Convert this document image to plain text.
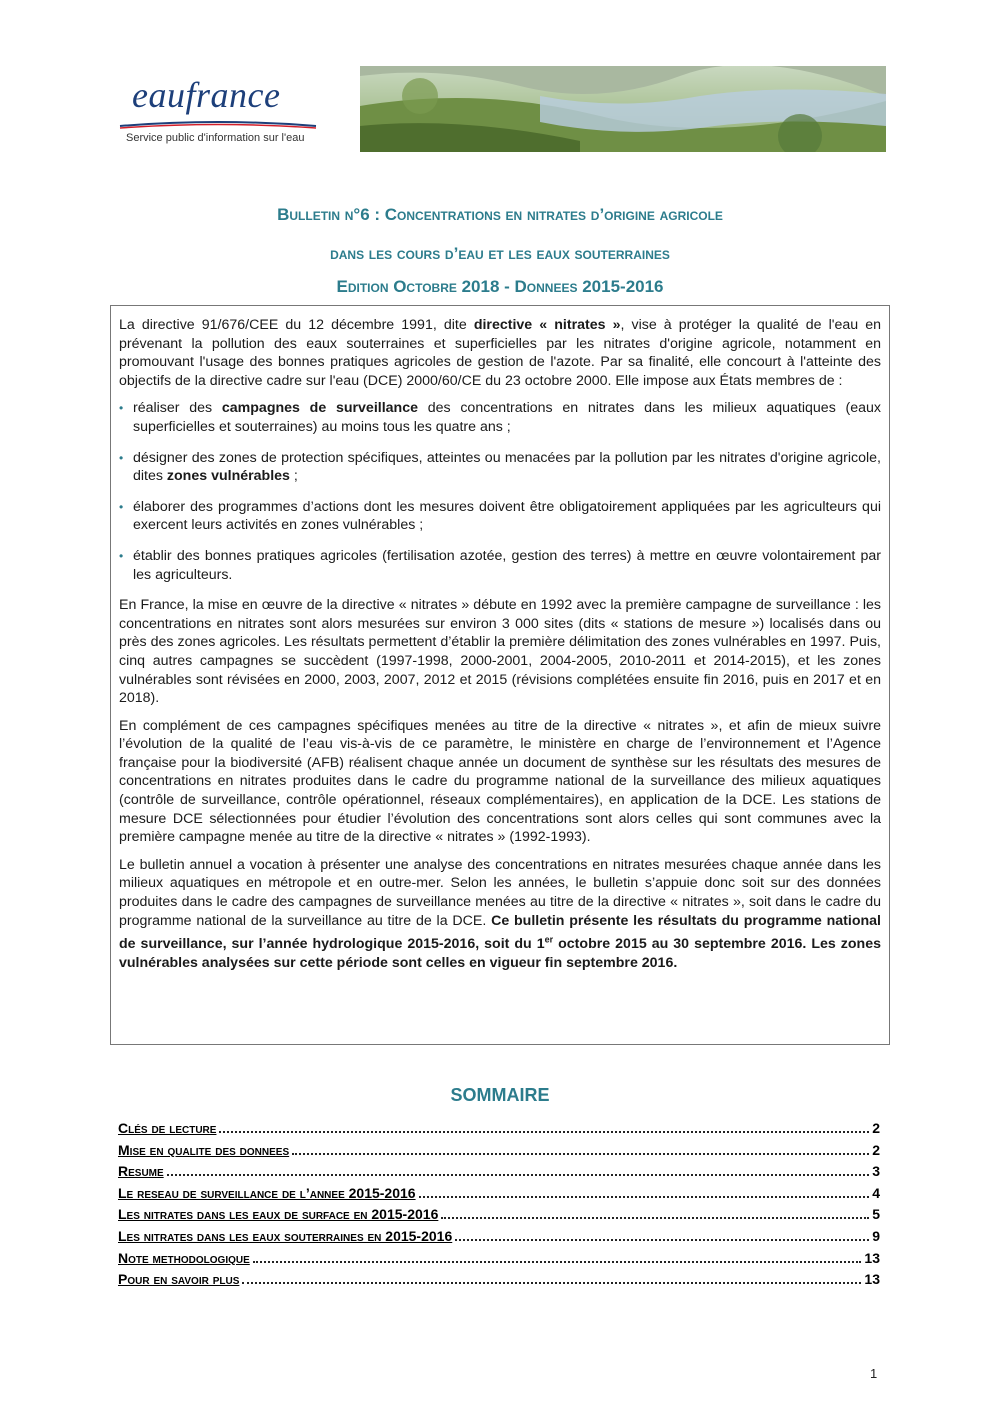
eaufrance
Service public d'information sur l'eau
Bulletin n°6 : Concentrations en nitrates d’origine agricole
dans les cours d’eau et les eaux souterraines
Edition Octobre 2018 - Donnees 2015-2016

La directive 91/676/CEE du 12 décembre 1991, dite directive « nitrates », vise à protéger la qualité de l'eau en prévenant la pollution des eaux souterraines et superficielles par les nitrates d'origine agricole, notamment en promouvant l'usage des bonnes pratiques agricoles de gestion de l'azote. Par sa finalité, elle concourt à l'atteinte des objectifs de la directive cadre sur l'eau (DCE) 2000/60/CE du 23 octobre 2000. Elle impose aux États membres de :

• réaliser des campagnes de surveillance des concentrations en nitrates dans les milieux aquatiques (eaux superficielles et souterraines) au moins tous les quatre ans ;
• désigner des zones de protection spécifiques, atteintes ou menacées par la pollution par les nitrates d'origine agricole, dites zones vulnérables ;
• élaborer des programmes d’actions dont les mesures doivent être obligatoirement appliquées par les agriculteurs qui exercent leurs activités en zones vulnérables ;
• établir des bonnes pratiques agricoles (fertilisation azotée, gestion des terres) à mettre en œuvre volontairement par les agriculteurs.

En France, la mise en œuvre de la directive « nitrates » débute en 1992 avec la première campagne de surveillance : les concentrations en nitrates sont alors mesurées sur environ 3 000 sites (dits « stations de mesure ») localisés dans ou près des zones agricoles. Les résultats permettent d’établir la première délimitation des zones vulnérables en 1997. Puis, cinq autres campagnes se succèdent (1997-1998, 2000-2001, 2004-2005, 2010-2011 et 2014-2015), et les zones vulnérables sont révisées en 2000, 2003, 2007, 2012 et 2015 (révisions complétées ensuite fin 2016, puis en 2017 et en 2018).

En complément de ces campagnes spécifiques menées au titre de la directive « nitrates », et afin de mieux suivre l’évolution de la qualité de l’eau vis-à-vis de ce paramètre, le ministère en charge de l’environnement et l’Agence française pour la biodiversité (AFB) réalisent chaque année un document de synthèse sur les résultats des mesures de concentrations en nitrates produites dans le cadre du programme national de la surveillance des milieux aquatiques (contrôle de surveillance, contrôle opérationnel, réseaux complémentaires), en application de la DCE. Les stations de mesure DCE sélectionnées pour étudier l’évolution des concentrations sont alors celles qui sont communes avec la première campagne menée au titre de la directive « nitrates » (1992-1993).

Le bulletin annuel a vocation à présenter une analyse des concentrations en nitrates mesurées chaque année dans les milieux aquatiques en métropole et en outre-mer. Selon les années, le bulletin s’appuie donc soit sur des données produites dans le cadre des campagnes de surveillance menées au titre de la directive « nitrates », soit dans le cadre du programme national de la surveillance au titre de la DCE. Ce bulletin présente les résultats du programme national de surveillance, sur l’année hydrologique 2015-2016, soit du 1er octobre 2015 au 30 septembre 2016. Les zones vulnérables analysées sur cette période sont celles en vigueur fin septembre 2016.

SOMMAIRE
Clés de lecture	2
Mise en qualite des donnees	2
Resume	3
Le reseau de surveillance de l’annee 2015-2016	4
Les nitrates dans les eaux de surface en 2015-2016	5
Les nitrates dans les eaux souterraines en 2015-2016	9
Note methodologique	13
Pour en savoir plus	13
1
